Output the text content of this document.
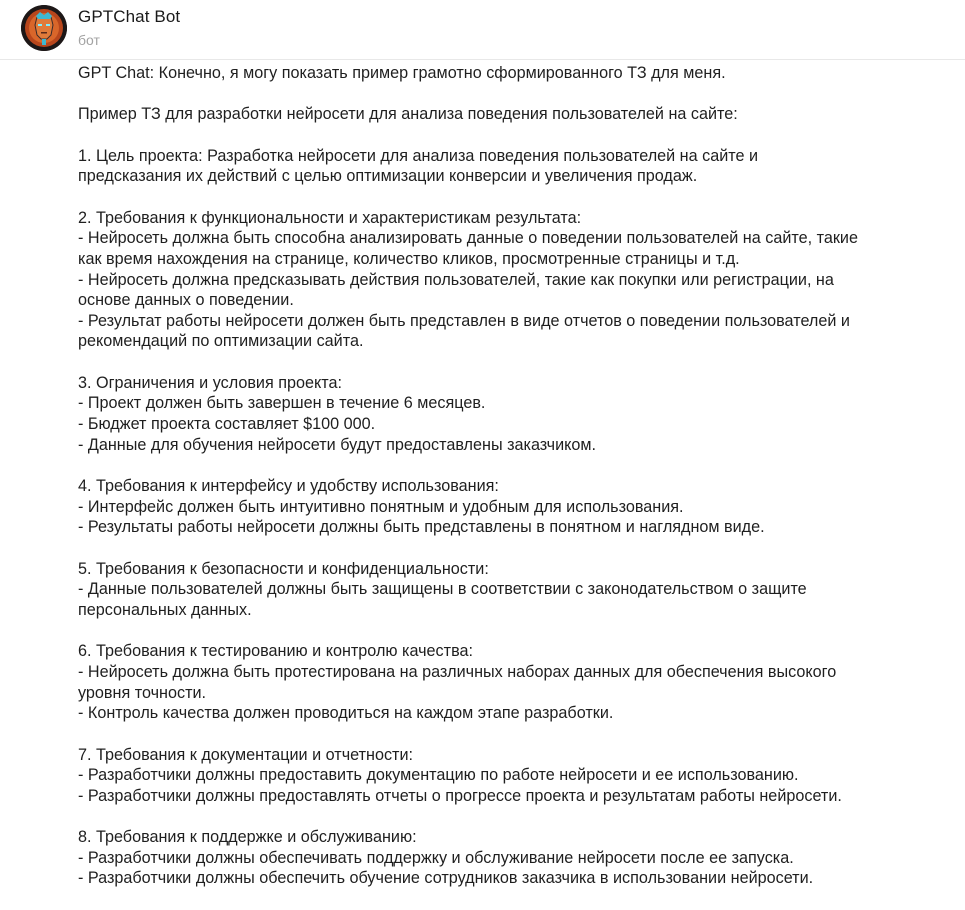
GPTChat Bot
бот
GPT Chat: Конечно, я могу показать пример грамотно сформированного ТЗ для меня.
Пример ТЗ для разработки нейросети для анализа поведения пользователей на сайте:
1. Цель проекта: Разработка нейросети для анализа поведения пользователей на сайте и
предсказания их действий с целью оптимизации конверсии и увеличения продаж.
2. Требования к функциональности и характеристикам результата:
- Нейросеть должна быть способна анализировать данные о поведении пользователей на сайте, такие
как время нахождения на странице, количество кликов, просмотренные страницы и т.д.
- Нейросеть должна предсказывать действия пользователей, такие как покупки или регистрации, на
основе данных о поведении.
- Результат работы нейросети должен быть представлен в виде отчетов о поведении пользователей и
рекомендаций по оптимизации сайта.
3. Ограничения и условия проекта:
- Проект должен быть завершен в течение 6 месяцев.
- Бюджет проекта составляет $100 000.
- Данные для обучения нейросети будут предоставлены заказчиком.
4. Требования к интерфейсу и удобству использования:
- Интерфейс должен быть интуитивно понятным и удобным для использования.
- Результаты работы нейросети должны быть представлены в понятном и наглядном виде.
5. Требования к безопасности и конфиденциальности:
- Данные пользователей должны быть защищены в соответствии с законодательством о защите
персональных данных.
6. Требования к тестированию и контролю качества:
- Нейросеть должна быть протестирована на различных наборах данных для обеспечения высокого
уровня точности.
- Контроль качества должен проводиться на каждом этапе разработки.
7. Требования к документации и отчетности:
- Разработчики должны предоставить документацию по работе нейросети и ее использованию.
- Разработчики должны предоставлять отчеты о прогрессе проекта и результатам работы нейросети.
8. Требования к поддержке и обслуживанию:
- Разработчики должны обеспечивать поддержку и обслуживание нейросети после ее запуска.
- Разработчики должны обеспечить обучение сотрудников заказчика в использовании нейросети.
